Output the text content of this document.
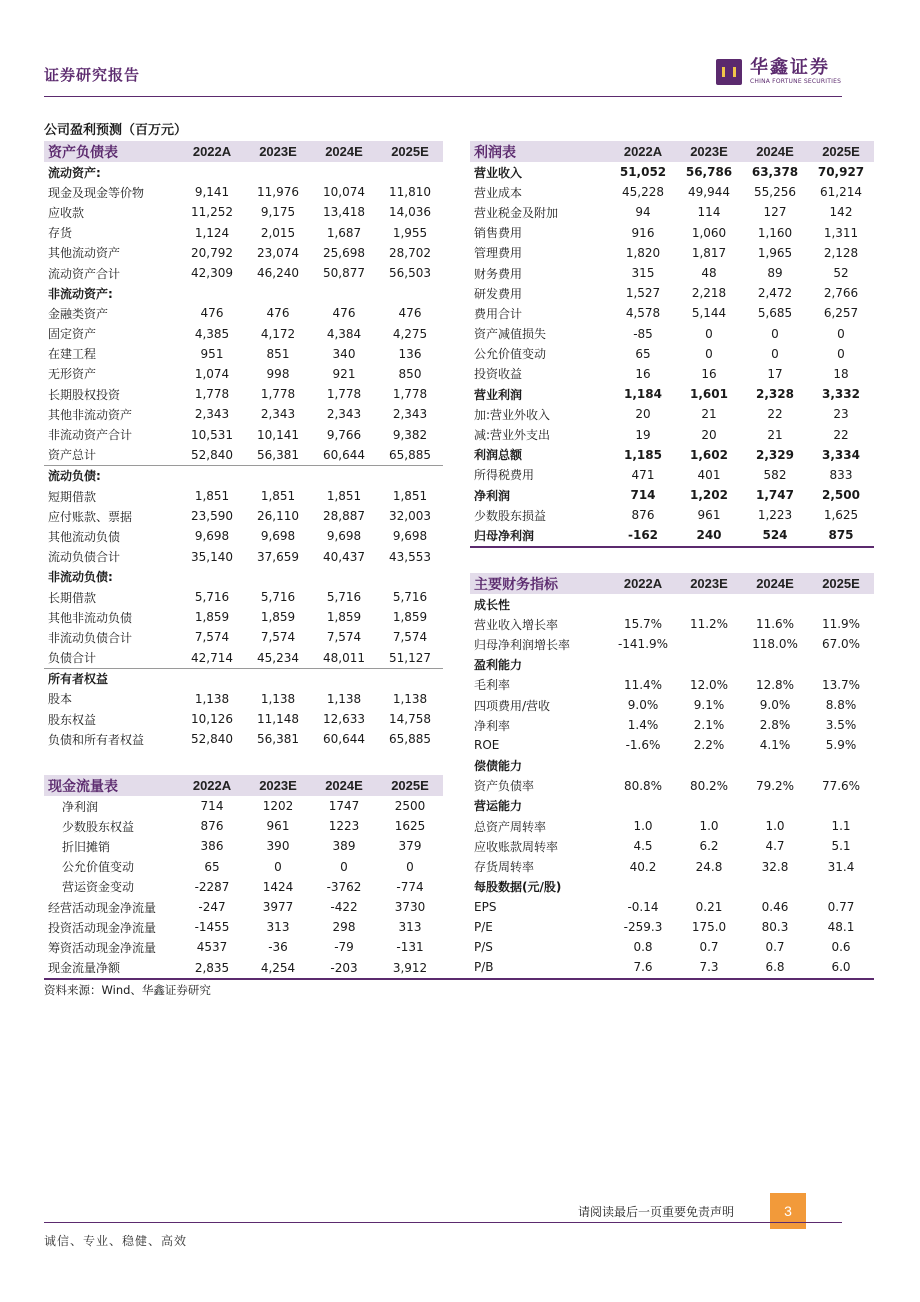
证券研究报告	华鑫证券
CHINA FORTUNE SECURITIES
公司盈利预测（百万元）
资产负债表	2022A	2023E	2024E	2025E
流动资产:				
现金及现金等价物	9,141	11,976	10,074	11,810
应收款	11,252	9,175	13,418	14,036
存货	1,124	2,015	1,687	1,955
其他流动资产	20,792	23,074	25,698	28,702
流动资产合计	42,309	46,240	50,877	56,503
非流动资产:				
金融类资产	476	476	476	476
固定资产	4,385	4,172	4,384	4,275
在建工程	951	851	340	136
无形资产	1,074	998	921	850
长期股权投资	1,778	1,778	1,778	1,778
其他非流动资产	2,343	2,343	2,343	2,343
非流动资产合计	10,531	10,141	9,766	9,382
资产总计	52,840	56,381	60,644	65,885
流动负债:				
短期借款	1,851	1,851	1,851	1,851
应付账款、票据	23,590	26,110	28,887	32,003
其他流动负债	9,698	9,698	9,698	9,698
流动负债合计	35,140	37,659	40,437	43,553
非流动负债:				
长期借款	5,716	5,716	5,716	5,716
其他非流动负债	1,859	1,859	1,859	1,859
非流动负债合计	7,574	7,574	7,574	7,574
负债合计	42,714	45,234	48,011	51,127
所有者权益				
股本	1,138	1,138	1,138	1,138
股东权益	10,126	11,148	12,633	14,758
负债和所有者权益	52,840	56,381	60,644	65,885
利润表	2022A	2023E	2024E	2025E
营业收入	51,052	56,786	63,378	70,927
营业成本	45,228	49,944	55,256	61,214
营业税金及附加	94	114	127	142
销售费用	916	1,060	1,160	1,311
管理费用	1,820	1,817	1,965	2,128
财务费用	315	48	89	52
研发费用	1,527	2,218	2,472	2,766
费用合计	4,578	5,144	5,685	6,257
资产减值损失	-85	0	0	0
公允价值变动	65	0	0	0
投资收益	16	16	17	18
营业利润	1,184	1,601	2,328	3,332
加:营业外收入	20	21	22	23
减:营业外支出	19	20	21	22
利润总额	1,185	1,602	2,329	3,334
所得税费用	471	401	582	833
净利润	714	1,202	1,747	2,500
少数股东损益	876	961	1,223	1,625
归母净利润	-162	240	524	875
主要财务指标	2022A	2023E	2024E	2025E
成长性				
营业收入增长率	15.7%	11.2%	11.6%	11.9%
归母净利润增长率	-141.9%		118.0%	67.0%
盈利能力				
毛利率	11.4%	12.0%	12.8%	13.7%
四项费用/营收	9.0%	9.1%	9.0%	8.8%
净利率	1.4%	2.1%	2.8%	3.5%
ROE	-1.6%	2.2%	4.1%	5.9%
偿债能力				
资产负债率	80.8%	80.2%	79.2%	77.6%
营运能力				
总资产周转率	1.0	1.0	1.0	1.1
应收账款周转率	4.5	6.2	4.7	5.1
存货周转率	40.2	24.8	32.8	31.4
每股数据(元/股)				
EPS	-0.14	0.21	0.46	0.77
P/E	-259.3	175.0	80.3	48.1
P/S	0.8	0.7	0.7	0.6
P/B	7.6	7.3	6.8	6.0
现金流量表	2022A	2023E	2024E	2025E
净利润	714	1202	1747	2500
少数股东权益	876	961	1223	1625
折旧摊销	386	390	389	379
公允价值变动	65	0	0	0
营运资金变动	-2287	1424	-3762	-774
经营活动现金净流量	-247	3977	-422	3730
投资活动现金净流量	-1455	313	298	313
筹资活动现金净流量	4537	-36	-79	-131
现金流量净额	2,835	4,254	-203	3,912
资料来源：Wind、华鑫证券研究
请阅读最后一页重要免责声明	3
诚信、专业、稳健、高效
